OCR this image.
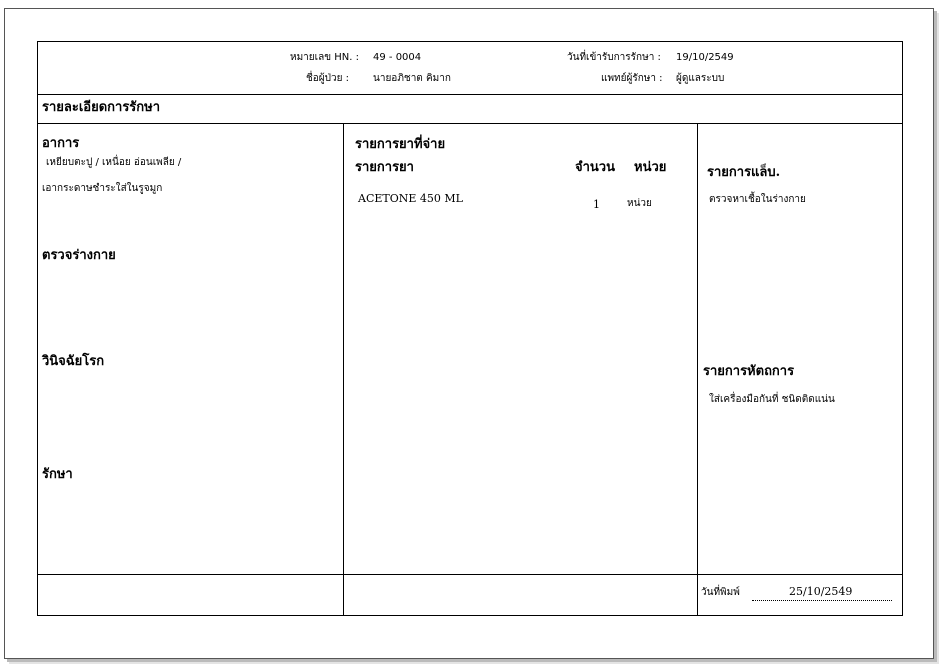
หมายเลข HN. : 49 - 0004	วันที่เข้ารับการรักษา : 19/10/2549
ชื่อผู้ป่วย : นายอภิชาต คิมาก	แพทย์ผู้รักษา : ผู้ดูแลระบบ
รายละเอียดการรักษา
อาการ
เหยียบตะปู / เหนื่อย อ่อนเพลีย /
เอากระดาษชำระใส่ในรูจมูก
ตรวจร่างกาย
วินิจฉัยโรก
รักษา
รายการยาที่จ่าย
รายการยา	จำนวน หน่วย
ACETONE 450 ML	1	หน่วย
รายการแล็บ.
ตรวจหาเชื้อในร่างกาย
รายการหัตถการ
ใส่เครื่องมือกันที่ ชนิดติดแน่น
วันที่พิมพ์	25/10/2549
